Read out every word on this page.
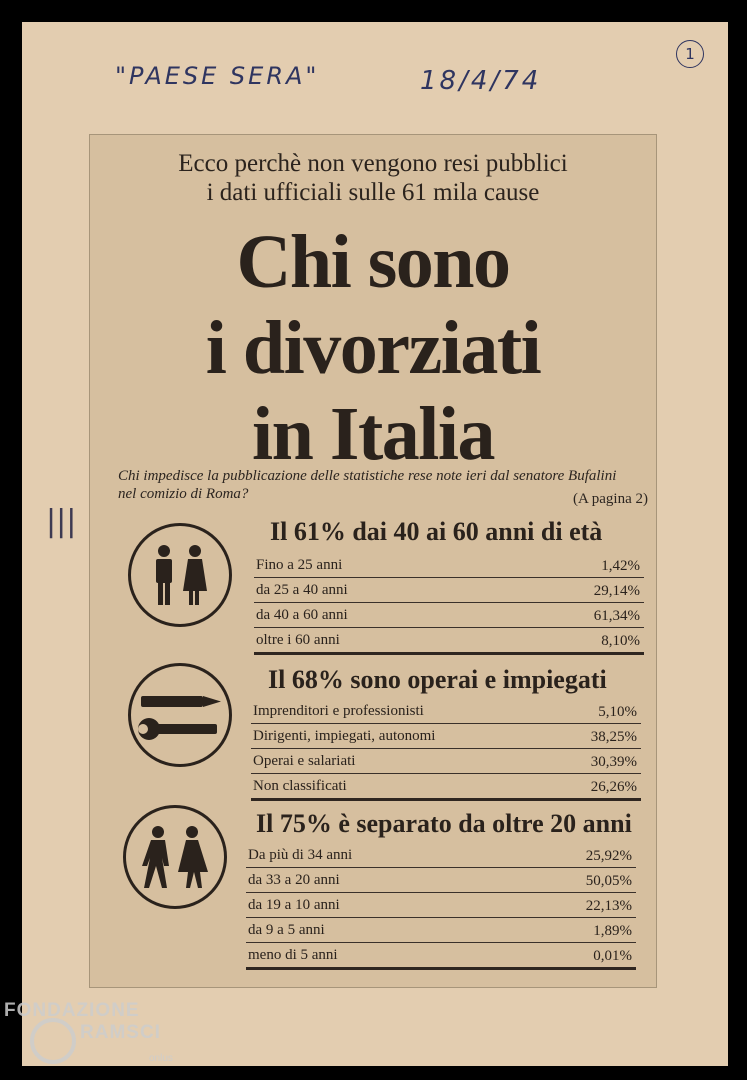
"PAESE SERA"	18/4/74
1
|||
Ecco perchè non vengono resi pubblici
i dati ufficiali sulle 61 mila cause
Chi sono
i divorziati
in Italia
Chi impedisce la pubblicazione delle statistiche rese note ieri dal senatore Bufalini
nel comizio di Roma?	(A pagina 2)
Il 61% dai 40 ai 60 anni di età
Fino a 25 anni	1,42%
da 25 a 40 anni	29,14%
da 40 a 60 anni	61,34%
oltre i 60 anni	8,10%
Il 68% sono operai e impiegati
Imprenditori e professionisti	5,10%
Dirigenti, impiegati, autonomi	38,25%
Operai e salariati	30,39%
Non classificati	26,26%
Il 75% è separato da oltre 20 anni
Da più di 34 anni	25,92%
da 33 a 20 anni	50,05%
da 19 a 10 anni	22,13%
da 9 a 5 anni	1,89%
meno di 5 anni	0,01%
FONDAZIONE
RAMSCI
onlus
